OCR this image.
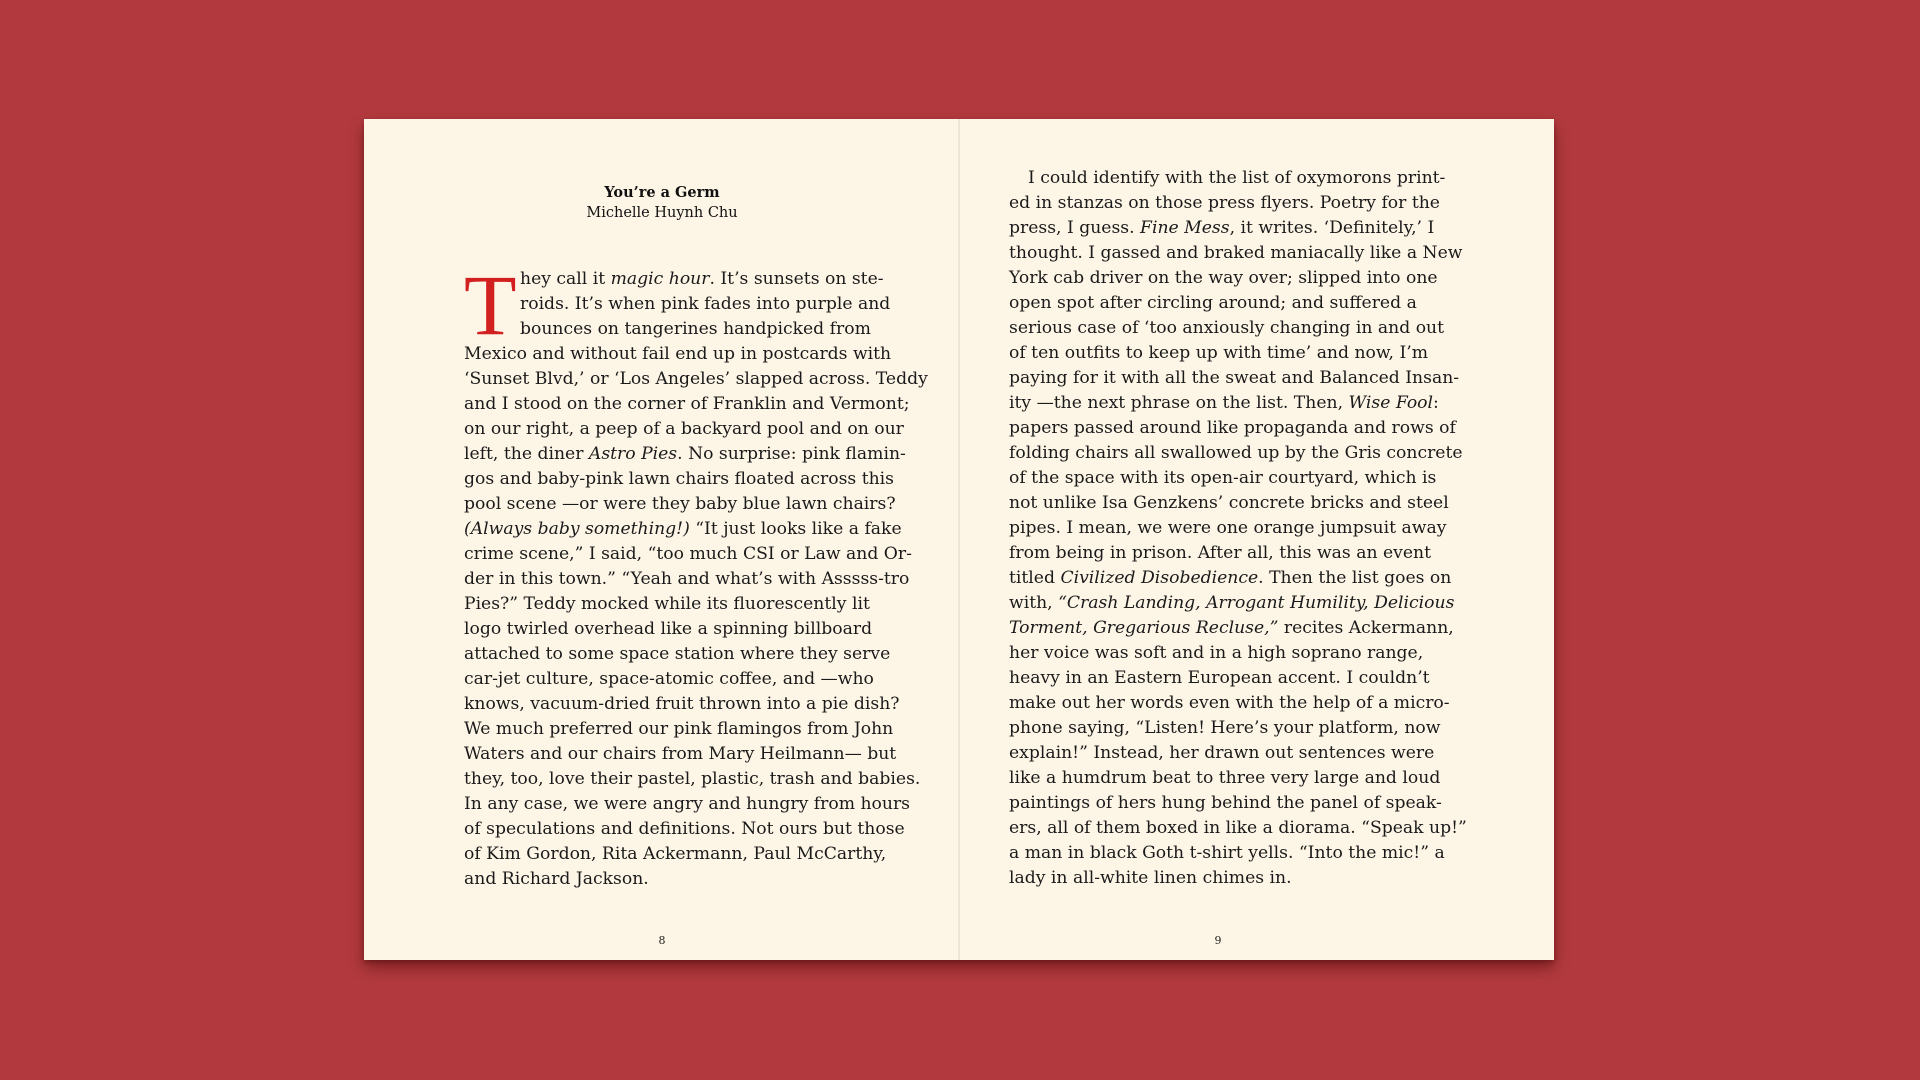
You’re a Germ
Michelle Huynh Chu
T hey call it magic hour. It’s sunsets on ste-
roids. It’s when pink fades into purple and
bounces on tangerines handpicked from
Mexico and without fail end up in postcards with
‘Sunset Blvd,’ or ‘Los Angeles’ slapped across. Teddy
and I stood on the corner of Franklin and Vermont;
on our right, a peep of a backyard pool and on our
left, the diner Astro Pies. No surprise: pink flamin-
gos and baby-pink lawn chairs floated across this
pool scene —or were they baby blue lawn chairs?
(Always baby something!) “It just looks like a fake
crime scene,” I said, “too much CSI or Law and Or-
der in this town.” “Yeah and what’s with Asssss-tro
Pies?” Teddy mocked while its fluorescently lit
logo twirled overhead like a spinning billboard
attached to some space station where they serve
car-jet culture, space-atomic coffee, and —who
knows, vacuum-dried fruit thrown into a pie dish?
We much preferred our pink flamingos from John
Waters and our chairs from Mary Heilmann— but
they, too, love their pastel, plastic, trash and babies.
In any case, we were angry and hungry from hours
of speculations and definitions. Not ours but those
of Kim Gordon, Rita Ackermann, Paul McCarthy,
and Richard Jackson.
8
I could identify with the list of oxymorons print-
ed in stanzas on those press flyers. Poetry for the
press, I guess. Fine Mess, it writes. ‘Definitely,’ I
thought. I gassed and braked maniacally like a New
York cab driver on the way over; slipped into one
open spot after circling around; and suffered a
serious case of ‘too anxiously changing in and out
of ten outfits to keep up with time’ and now, I’m
paying for it with all the sweat and Balanced Insan-
ity —the next phrase on the list. Then, Wise Fool:
papers passed around like propaganda and rows of
folding chairs all swallowed up by the Gris concrete
of the space with its open-air courtyard, which is
not unlike Isa Genzkens’ concrete bricks and steel
pipes. I mean, we were one orange jumpsuit away
from being in prison. After all, this was an event
titled Civilized Disobedience. Then the list goes on
with, “Crash Landing, Arrogant Humility, Delicious
Torment, Gregarious Recluse,” recites Ackermann,
her voice was soft and in a high soprano range,
heavy in an Eastern European accent. I couldn’t
make out her words even with the help of a micro-
phone saying, “Listen! Here’s your platform, now
explain!” Instead, her drawn out sentences were
like a humdrum beat to three very large and loud
paintings of hers hung behind the panel of speak-
ers, all of them boxed in like a diorama. “Speak up!”
a man in black Goth t-shirt yells. “Into the mic!” a
lady in all-white linen chimes in.
9
